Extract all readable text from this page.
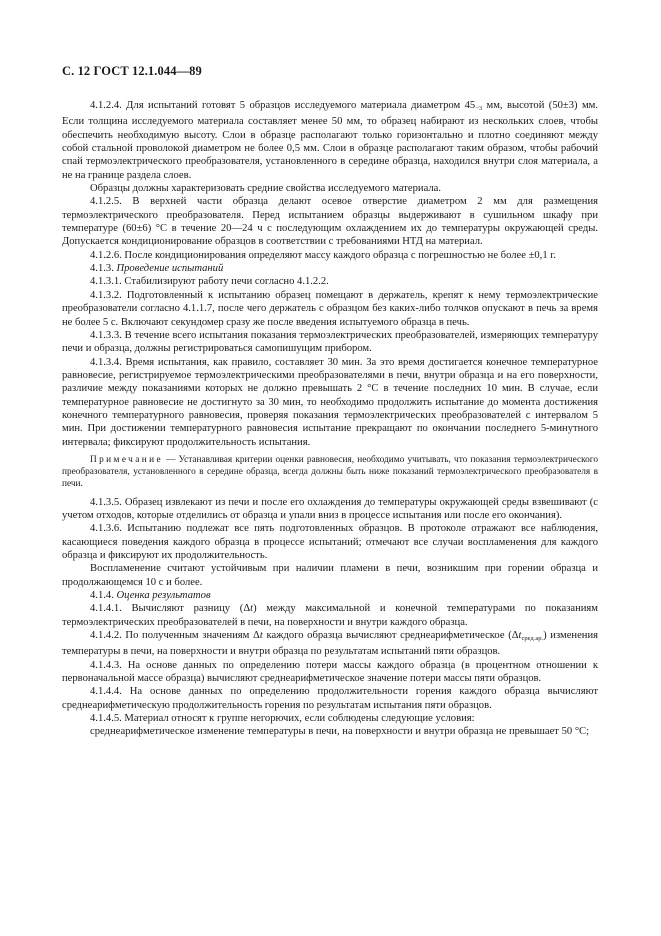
С. 12 ГОСТ 12.1.044—89

4.1.2.4. Для испытаний готовят 5 образцов исследуемого материала диаметром $45_{-3}$ мм, высотой (50±3) мм. Если толщина исследуемого материала составляет менее 50 мм, то образец набирают из нескольких слоев, чтобы обеспечить необходимую высоту. Слои в образце располагают только горизонтально и плотно соединяют между собой стальной проволокой диаметром не более 0,5 мм. Слои в образце располагают таким образом, чтобы рабочий спай термоэлектрического преобразователя, установленного в середине образца, находился внутри слоя материала, а не на границе раздела слоев.

Образцы должны характеризовать средние свойства исследуемого материала.

4.1.2.5. В верхней части образца делают осевое отверстие диаметром 2 мм для размещения термоэлектрического преобразователя. Перед испытанием образцы выдерживают в сушильном шкафу при температуре (60±6) °С в течение 20—24 ч с последующим охлаждением их до температуры окружающей среды. Допускается кондиционирование образцов в соответствии с требованиями НТД на материал.

4.1.2.6. После кондиционирования определяют массу каждого образца с погрешностью не более ±0,1 г.

4.1.3. Проведение испытаний

4.1.3.1. Стабилизируют работу печи согласно 4.1.2.2.

4.1.3.2. Подготовленный к испытанию образец помещают в держатель, крепят к нему термоэлектрические преобразователи согласно 4.1.1.7, после чего держатель с образцом без каких-либо толчков опускают в печь за время не более 5 с. Включают секундомер сразу же после введения испытуемого образца в печь.

4.1.3.3. В течение всего испытания показания термоэлектрических преобразователей, измеряющих температуру печи и образца, должны регистрироваться самопишущим прибором.

4.1.3.4. Время испытания, как правило, составляет 30 мин. За это время достигается конечное температурное равновесие, регистрируемое термоэлектрическими преобразователями в печи, внутри образца и на его поверхности, различие между показаниями которых не должно превышать 2 °С в течение последних 10 мин. В случае, если температурное равновесие не достигнуто за 30 мин, то необходимо продолжить испытание до момента достижения конечного температурного равновесия, проверяя показания термоэлектрических преобразователей с интервалом 5 мин. При достижении температурного равновесия испытание прекращают по окончании последнего 5-минутного интервала; фиксируют продолжительность испытания.

Примечание — Устанавливая критерии оценки равновесия, необходимо учитывать, что показания термоэлектрического преобразователя, установленного в середине образца, всегда должны быть ниже показаний термоэлектрического преобразователя в печи.

4.1.3.5. Образец извлекают из печи и после его охлаждения до температуры окружающей среды взвешивают (с учетом отходов, которые отделились от образца и упали вниз в процессе испытания или после его окончания).

4.1.3.6. Испытанию подлежат все пять подготовленных образцов. В протоколе отражают все наблюдения, касающиеся поведения каждого образца в процессе испытаний; отмечают все случаи воспламенения для каждого образца и фиксируют их продолжительность.

Воспламенение считают устойчивым при наличии пламени в печи, возникшим при горении образца и продолжающемся 10 с и более.

4.1.4. Оценка результатов

4.1.4.1. Вычисляют разницу (Δt) между максимальной и конечной температурами по показаниям термоэлектрических преобразователей в печи, на поверхности и внутри каждого образца.

4.1.4.2. По полученным значениям Δt каждого образца вычисляют среднеарифметическое $(\Delta t_{сред.ар.})$ изменения температуры в печи, на поверхности и внутри образца по результатам испытаний пяти образцов.

4.1.4.3. На основе данных по определению потери массы каждого образца (в процентном отношении к первоначальной массе образца) вычисляют среднеарифметическое значение потери массы пяти образцов.

4.1.4.4. На основе данных по определению продолжительности горения каждого образца вычисляют среднеарифметическую продолжительность горения по результатам испытания пяти образцов.

4.1.4.5. Материал относят к группе негорючих, если соблюдены следующие условия:

среднеарифметическое изменение температуры в печи, на поверхности и внутри образца не превышает 50 °С;
